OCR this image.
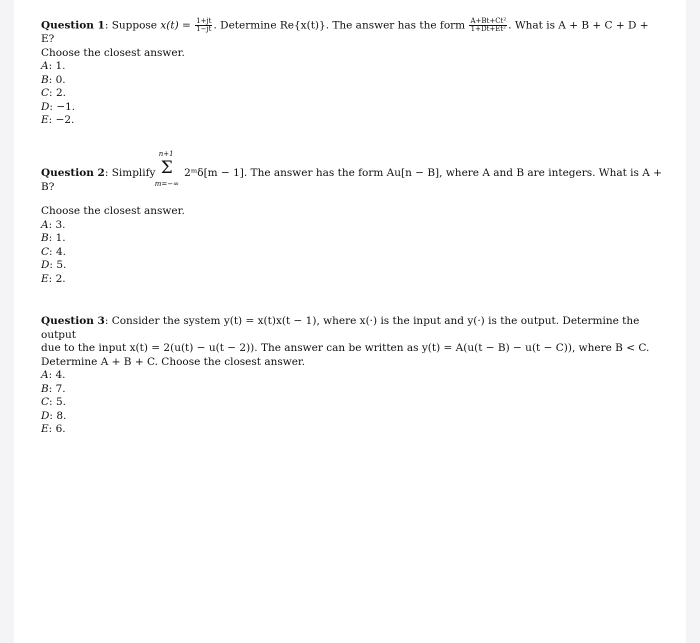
Question 1: Suppose $x(t) = \frac{1+jt}{1-jt}$ . Determine Re{x(t)}. The answer has the form $\frac{\text{A+Bt+Ct²}}{\text{1+Dt+Et²}}$ . What is A + B + C + D + E?
Choose the closest answer.
A: 1.
B: 0.
C: 2.
D: −1.
E: −2.
Question 2: Simplify
n+1
Σ
m=−∞
2ᵐδ[m − 1]. The answer has the form Au[n − B], where A and B are integers. What is A + B?
Choose the closest answer.
A: 3.
B: 1.
C: 4.
D: 5.
E: 2.
Question 3: Consider the system y(t) = x(t)x(t − 1), where x(·) is the input and y(·) is the output. Determine the output
due to the input x(t) = 2(u(t) − u(t − 2)). The answer can be written as y(t) = A(u(t − B) − u(t − C)), where B < C.
Determine A + B + C. Choose the closest answer.
A: 4.
B: 7.
C: 5.
D: 8.
E: 6.
